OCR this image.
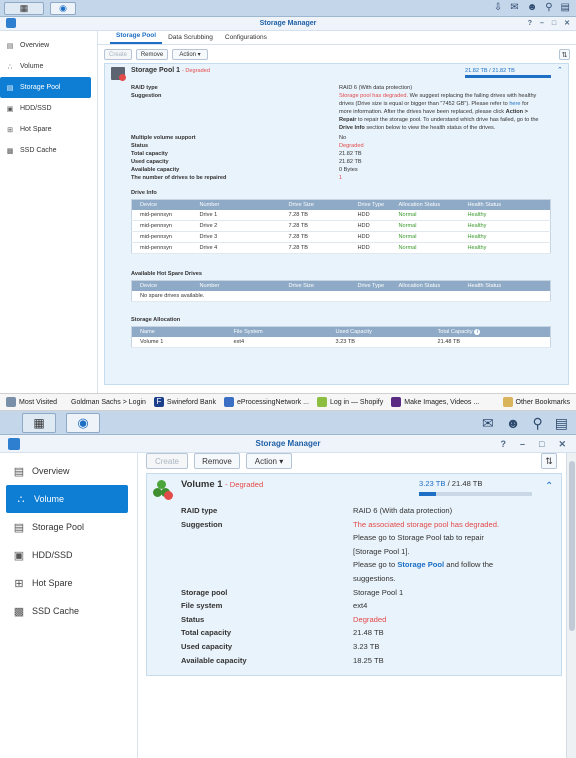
▦	◉	⇩ ✉ ☻ ⚲ ▤
Storage Manager	? – □ ✕
▤ Overview
∴	Volume
▤ Storage Pool
▣ HDD/SSD
⊞	Hot Spare
▩ SSD Cache
Storage Pool	Data Scrubbing	Configurations
Create	Remove	Action ▾	⇅
Storage Pool 1 - Degraded	21.82 TB / 21.82 TB	⌃
RAID type	RAID 6 (With data protection)
Suggestion	Storage pool has degraded. We suggest replacing the failing drives with healthy drives (Drive size is equal or bigger than "7452 GB"). Please refer to here for more information. After the drives have been replaced, please click Action > Repair to repair the storage pool. To understand which drive has failed, go to the Drive Info section below to view the health status of the drives.
Multiple volume support	No
Status	Degraded
Total capacity	21.82 TB
Used capacity	21.82 TB
Available capacity	0 Bytes
The number of drives to be repaired	1
Drive Info
Device	Number	Drive Size	Drive Type	Allocation Status	Health Status
mid-pennsyn	Drive 1	7.28 TB	HDD	Normal	Healthy
mid-pennsyn	Drive 2	7.28 TB	HDD	Normal	Healthy
mid-pennsyn	Drive 3	7.28 TB	HDD	Normal	Healthy
mid-pennsyn	Drive 4	7.28 TB	HDD	Normal	Healthy
Available Hot Spare Drives
Device	Number	Drive Size	Drive Type	Allocation Status	Health Status
No spare drives available.
Storage Allocation
Name	File System	Used Capacity	Total Capacity i
Volume 1	ext4	3.23 TB	21.48 TB
Most Visited Goldman Sachs > Login	F Swineford Bank	eProcessingNetwork ...	Log in — Shopify	Make Images, Videos ...	Other Bookmarks
▦	◉	✉ ☻ ⚲ ▤
Storage Manager	? – □ ✕
▤ Overview
∴	Volume
▤ Storage Pool
▣ HDD/SSD
⊞ Hot Spare
▩ SSD Cache
Create	Remove	Action ▾	⇅
Volume 1 - Degraded	3.23 TB / 21.48 TB	⌃
RAID type	RAID 6 (With data protection)
Suggestion	The associated storage pool has degraded.
Please go to Storage Pool tab to repair
[Storage Pool 1].
Please go to Storage Pool and follow the
suggestions.
Storage pool	Storage Pool 1
File system	ext4
Status	Degraded
Total capacity	21.48 TB
Used capacity	3.23 TB
Available capacity	18.25 TB
